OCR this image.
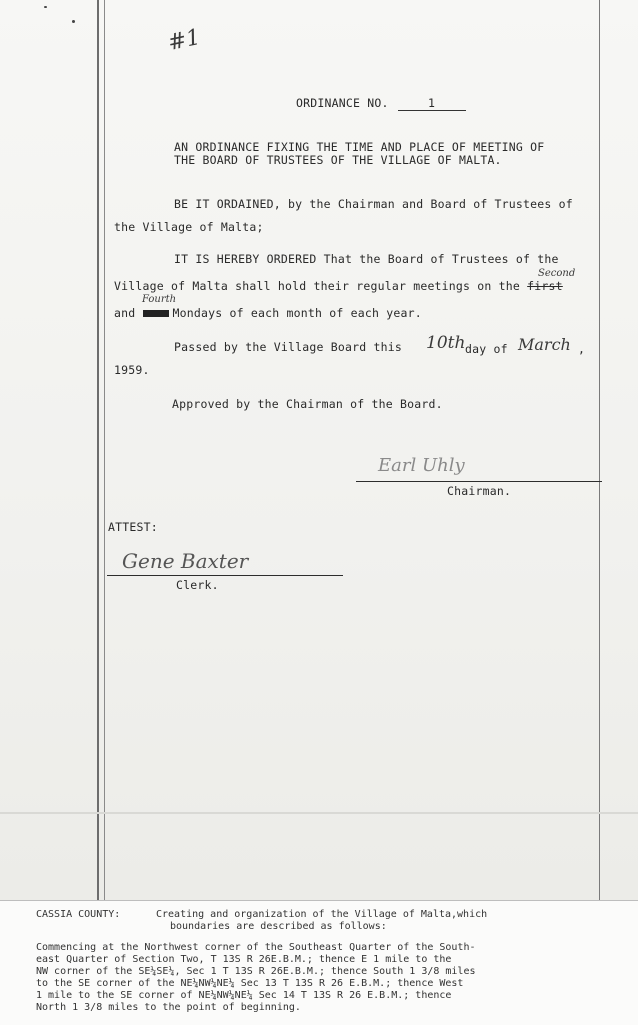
#1
ORDINANCE NO.	1
AN ORDINANCE FIXING THE TIME AND PLACE OF MEETING OF
THE BOARD OF TRUSTEES OF THE VILLAGE OF MALTA.
BE IT ORDAINED, by the Chairman and Board of Trustees of
the Village of Malta;
IT IS HEREBY ORDERED That the Board of Trustees of the
Village of Malta shall hold their regular meetings on the first
Second
Fourth
and	Mondays of each month of each year.
Passed by the Village Board this 10th day of March ,
1959.
Approved by the Chairman of the Board.
Earl Uhly
Chairman.
ATTEST:
Gene Baxter
Clerk.
CASSIA COUNTY:	Creating and organization of the Village of Malta,which
boundaries are described as follows:
Commencing at the Northwest corner of the Southeast Quarter of the South-
east Quarter of Section Two, T 13S R 26E.B.M.; thence E 1 mile to the
NW corner of the SE¼SE¼, Sec 1 T 13S R 26E.B.M.; thence South 1 3/8 miles
to the SE corner of the NE¼NW¼NE¼ Sec 13 T 13S R 26 E.B.M.; thence West
1 mile to the SE corner of NE¼NW¼NE¼ Sec 14 T 13S R 26 E.B.M.; thence
North 1 3/8 miles to the point of beginning.
